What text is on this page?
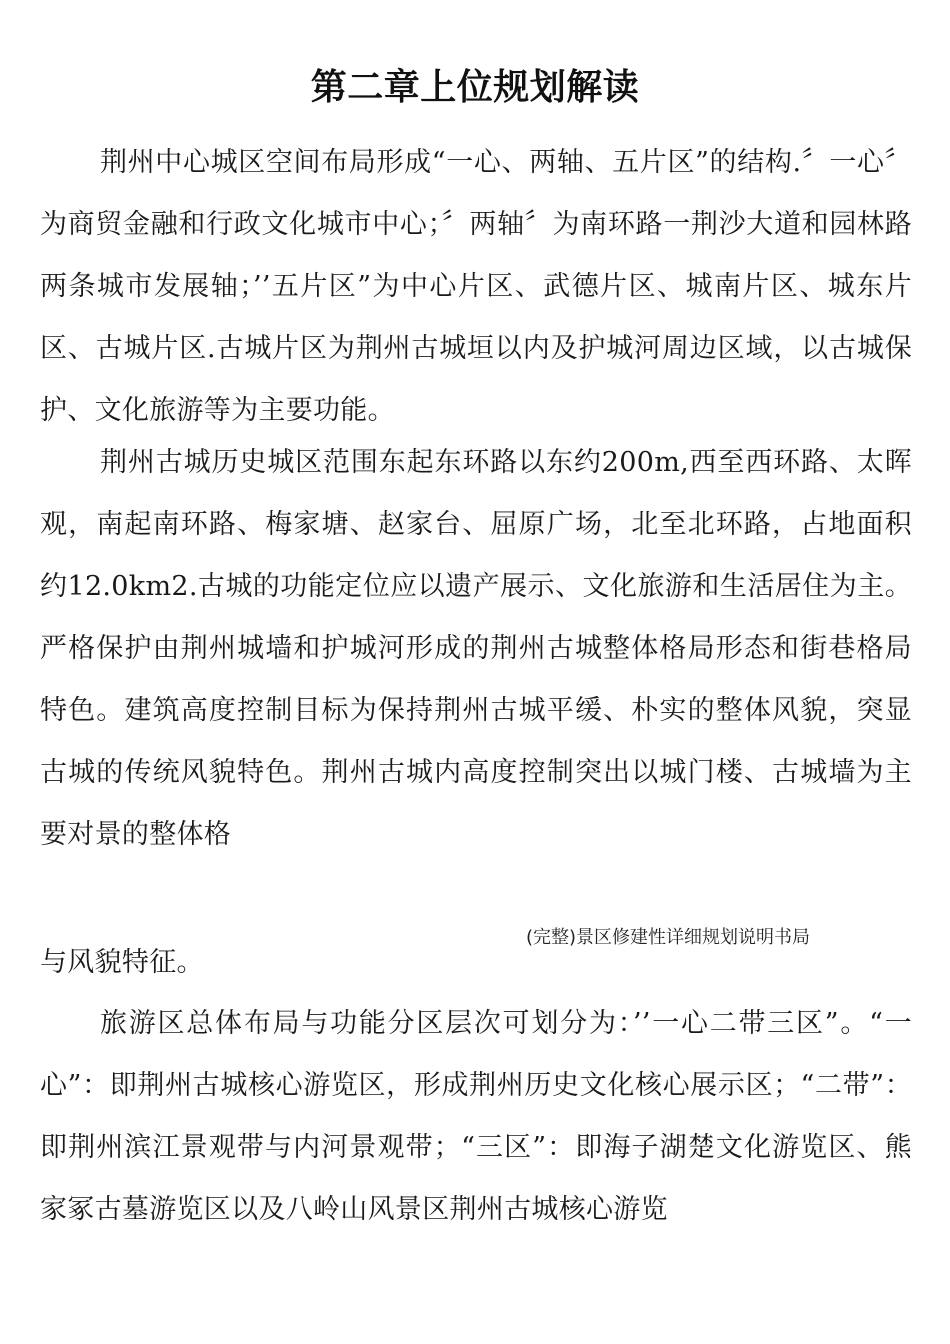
第二章上位规划解读

荆州中心城区空间布局形成“一心、两轴、五片区”的结构.〞一心〞为商贸金融和行政文化城市中心；〞两轴〞为南环路一荆沙大道和园林路两条城市发展轴；’’五片区”为中心片区、武德片区、城南片区、城东片区、古城片区.古城片区为荆州古城垣以内及护城河周边区域，以古城保护、文化旅游等为主要功能。

荆州古城历史城区范围东起东环路以东约200m,西至西环路、太晖观，南起南环路、梅家塘、赵家台、屈原广场，北至北环路，占地面积约12.0km2.古城的功能定位应以遗产展示、文化旅游和生活居住为主。严格保护由荆州城墙和护城河形成的荆州古城整体格局形态和街巷格局特色。建筑高度控制目标为保持荆州古城平缓、朴实的整体风貌，突显古城的传统风貌特色。荆州古城内高度控制突出以城门楼、古城墙为主要对景的整体格

(完整)景区修建性详细规划说明书局

与风貌特征。

旅游区总体布局与功能分区层次可划分为：’’一心二带三区”。“一心”：即荆州古城核心游览区，形成荆州历史文化核心展示区；“二带”：即荆州滨江景观带与内河景观带；“三区”：即海子湖楚文化游览区、熊家冢古墓游览区以及八岭山风景区荆州古城核心游览
